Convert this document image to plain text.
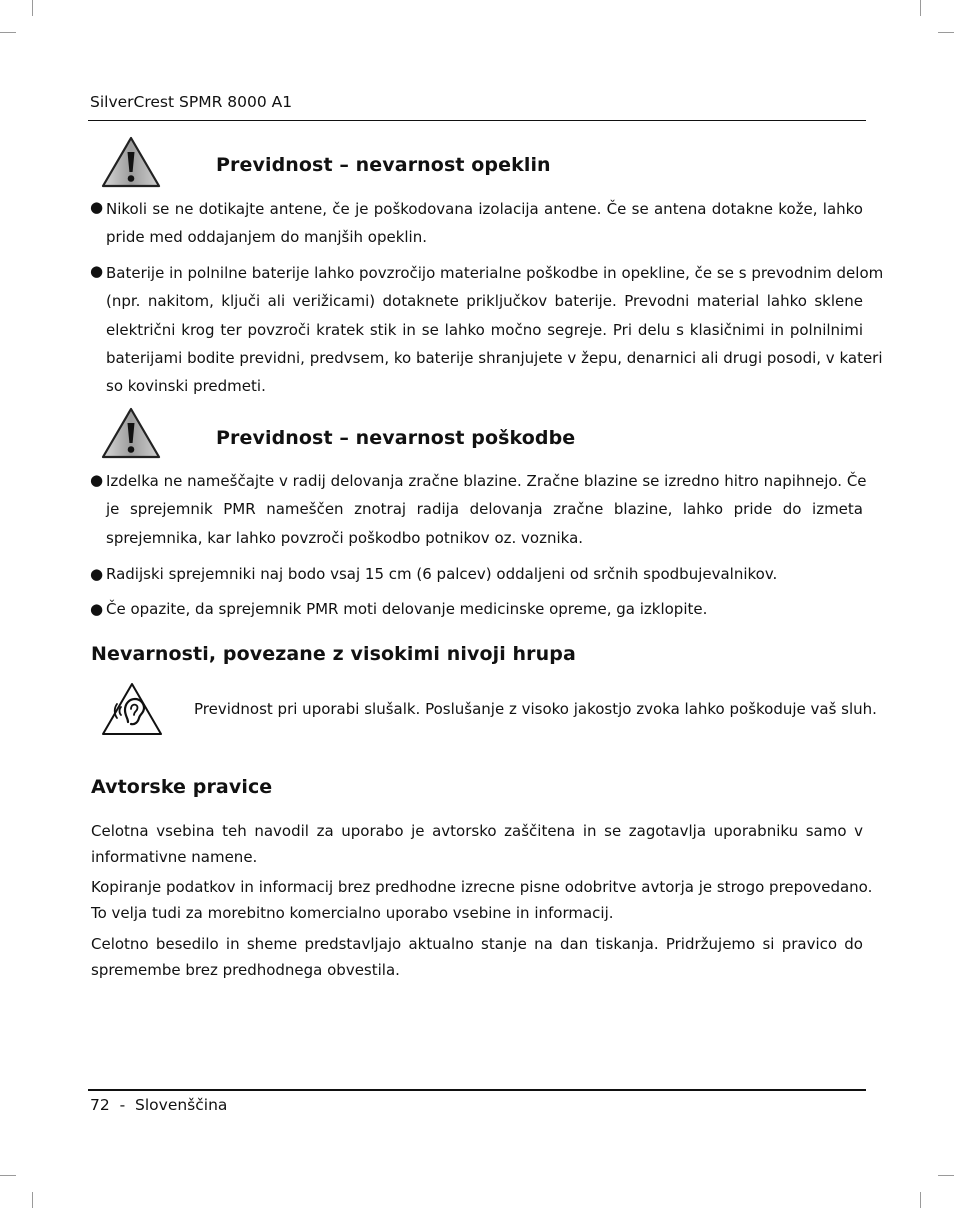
SilverCrest SPMR 8000 A1
Previdnost – nevarnost opeklin
● Nikoli se ne dotikajte antene, če je poškodovana izolacija antene. Če se antena dotakne kože, lahko
pride med oddajanjem do manjših opeklin.
● Baterije in polnilne baterije lahko povzročijo materialne poškodbe in opekline, če se s prevodnim delom
(npr. nakitom, ključi ali verižicami) dotaknete priključkov baterije. Prevodni material lahko sklene
električni krog ter povzroči kratek stik in se lahko močno segreje. Pri delu s klasičnimi in polnilnimi
baterijami bodite previdni, predvsem, ko baterije shranjujete v žepu, denarnici ali drugi posodi, v kateri
so kovinski predmeti.
Previdnost – nevarnost poškodbe
● Izdelka ne nameščajte v radij delovanja zračne blazine. Zračne blazine se izredno hitro napihnejo. Če
je sprejemnik PMR nameščen znotraj radija delovanja zračne blazine, lahko pride do izmeta
sprejemnika, kar lahko povzroči poškodbo potnikov oz. voznika.
● Radijski sprejemniki naj bodo vsaj 15 cm (6 palcev) oddaljeni od srčnih spodbujevalnikov.
● Če opazite, da sprejemnik PMR moti delovanje medicinske opreme, ga izklopite.
Nevarnosti, povezane z visokimi nivoji hrupa
Previdnost pri uporabi slušalk. Poslušanje z visoko jakostjo zvoka lahko poškoduje vaš sluh.
Avtorske pravice
Celotna vsebina teh navodil za uporabo je avtorsko zaščitena in se zagotavlja uporabniku samo v
informativne namene.
Kopiranje podatkov in informacij brez predhodne izrecne pisne odobritve avtorja je strogo prepovedano.
To velja tudi za morebitno komercialno uporabo vsebine in informacij.
Celotno besedilo in sheme predstavljajo aktualno stanje na dan tiskanja. Pridržujemo si pravico do
spremembe brez predhodnega obvestila.
72  -  Slovenščina
